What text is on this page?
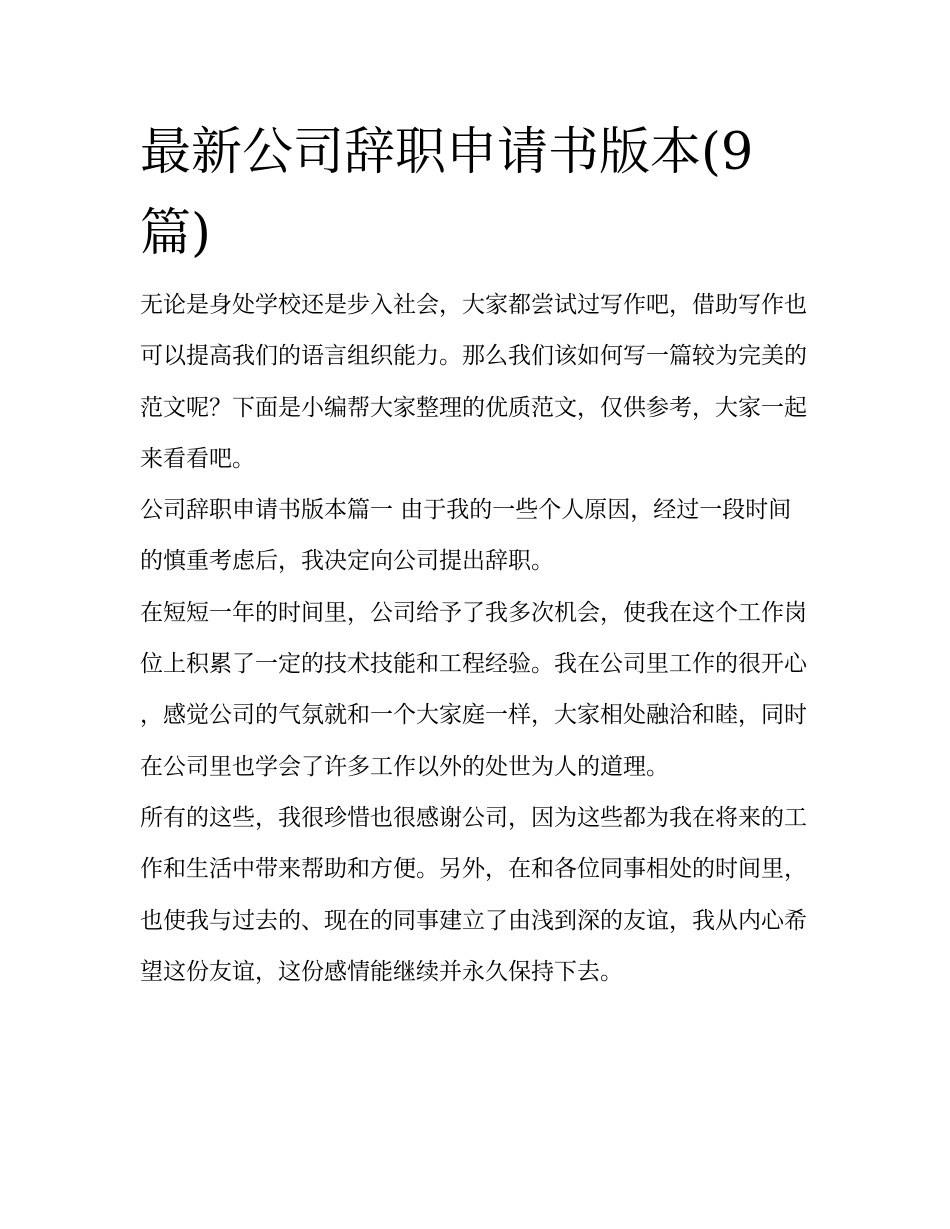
最新公司辞职申请书版本(9篇)

无论是身处学校还是步入社会，大家都尝试过写作吧，借助写作也可以提高我们的语言组织能力。那么我们该如何写一篇较为完美的范文呢？下面是小编帮大家整理的优质范文，仅供参考，大家一起来看看吧。

公司辞职申请书版本篇一 由于我的一些个人原因，经过一段时间的慎重考虑后，我决定向公司提出辞职。

在短短一年的时间里，公司给予了我多次机会，使我在这个工作岗位上积累了一定的技术技能和工程经验。我在公司里工作的很开心，感觉公司的气氛就和一个大家庭一样，大家相处融洽和睦，同时在公司里也学会了许多工作以外的处世为人的道理。

所有的这些，我很珍惜也很感谢公司，因为这些都为我在将来的工作和生活中带来帮助和方便。另外，在和各位同事相处的时间里，也使我与过去的、现在的同事建立了由浅到深的友谊，我从内心希望这份友谊，这份感情能继续并永久保持下去。
